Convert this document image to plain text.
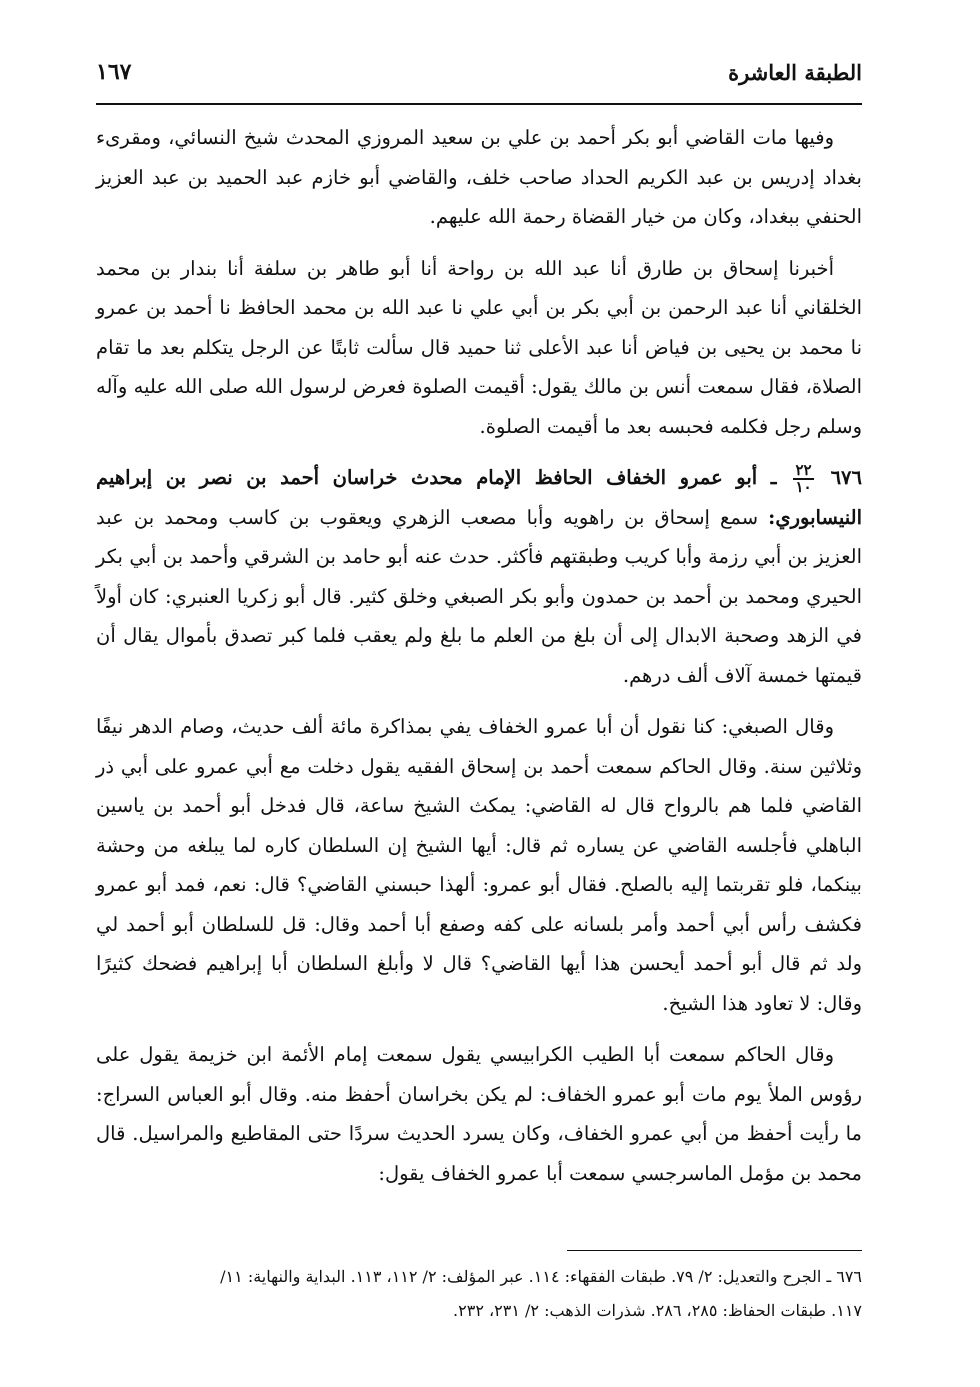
الطبقة العاشرة
١٦٧

وفيها مات القاضي أبو بكر أحمد بن علي بن سعيد المروزي المحدث شيخ النسائي، ومقرىء بغداد إدريس بن عبد الكريم الحداد صاحب خلف، والقاضي أبو خازم عبد الحميد بن عبد العزيز الحنفي ببغداد، وكان من خيار القضاة رحمة الله عليهم.

أخبرنا إسحاق بن طارق أنا عبد الله بن رواحة أنا أبو طاهر بن سلفة أنا بندار بن محمد الخلقاني أنا عبد الرحمن بن أبي بكر بن أبي علي نا عبد الله بن محمد الحافظ نا أحمد بن عمرو نا محمد بن يحيى بن فياض أنا عبد الأعلى ثنا حميد قال سألت ثابتًا عن الرجل يتكلم بعد ما تقام الصلاة، فقال سمعت أنس بن مالك يقول: أقيمت الصلوة فعرض لرسول الله صلى الله عليه وآله وسلم رجل فكلمه فحبسه بعد ما أقيمت الصلوة.

٦٧٦
$\frac{٢٢}{١٠}$
ـ أبو عمرو الخفاف الحافظ الإمام محدث خراسان أحمد بن نصر بن إبراهيم النيسابوري: سمع إسحاق بن راهويه وأبا مصعب الزهري ويعقوب بن كاسب ومحمد بن عبد العزيز بن أبي رزمة وأبا كريب وطبقتهم فأكثر. حدث عنه أبو حامد بن الشرقي وأحمد بن أبي بكر الحيري ومحمد بن أحمد بن حمدون وأبو بكر الصبغي وخلق كثير. قال أبو زكريا العنبري: كان أولاً في الزهد وصحبة الابدال إلى أن بلغ من العلم ما بلغ ولم يعقب فلما كبر تصدق بأموال يقال أن قيمتها خمسة آلاف ألف درهم.

وقال الصبغي: كنا نقول أن أبا عمرو الخفاف يفي بمذاكرة مائة ألف حديث، وصام الدهر نيفًا وثلاثين سنة. وقال الحاكم سمعت أحمد بن إسحاق الفقيه يقول دخلت مع أبي عمرو على أبي ذر القاضي فلما هم بالرواح قال له القاضي: يمكث الشيخ ساعة، قال فدخل أبو أحمد بن ياسين الباهلي فأجلسه القاضي عن يساره ثم قال: أيها الشيخ إن السلطان كاره لما يبلغه من وحشة بينكما، فلو تقربتما إليه بالصلح. فقال أبو عمرو: ألهذا حبسني القاضي؟ قال: نعم، فمد أبو عمرو فكشف رأس أبي أحمد وأمر بلسانه على كفه وصفع أبا أحمد وقال: قل للسلطان أبو أحمد لي ولد ثم قال أبو أحمد أيحسن هذا أيها القاضي؟ قال لا وأبلغ السلطان أبا إبراهيم فضحك كثيرًا وقال: لا تعاود هذا الشيخ.

وقال الحاكم سمعت أبا الطيب الكرابيسي يقول سمعت إمام الأئمة ابن خزيمة يقول على رؤوس الملأ يوم مات أبو عمرو الخفاف: لم يكن بخراسان أحفظ منه. وقال أبو العباس السراج: ما رأيت أحفظ من أبي عمرو الخفاف، وكان يسرد الحديث سردًا حتى المقاطيع والمراسيل. قال محمد بن مؤمل الماسرجسي سمعت أبا عمرو الخفاف يقول:

٦٧٦ ـ الجرح والتعديل: ٢/ ٧٩. طبقات الفقهاء: ١١٤. عبر المؤلف: ٢/ ١١٢، ١١٣. البداية والنهاية: ١١/

١١٧. طبقات الحفاظ: ٢٨٥، ٢٨٦. شذرات الذهب: ٢/ ٢٣١، ٢٣٢.
